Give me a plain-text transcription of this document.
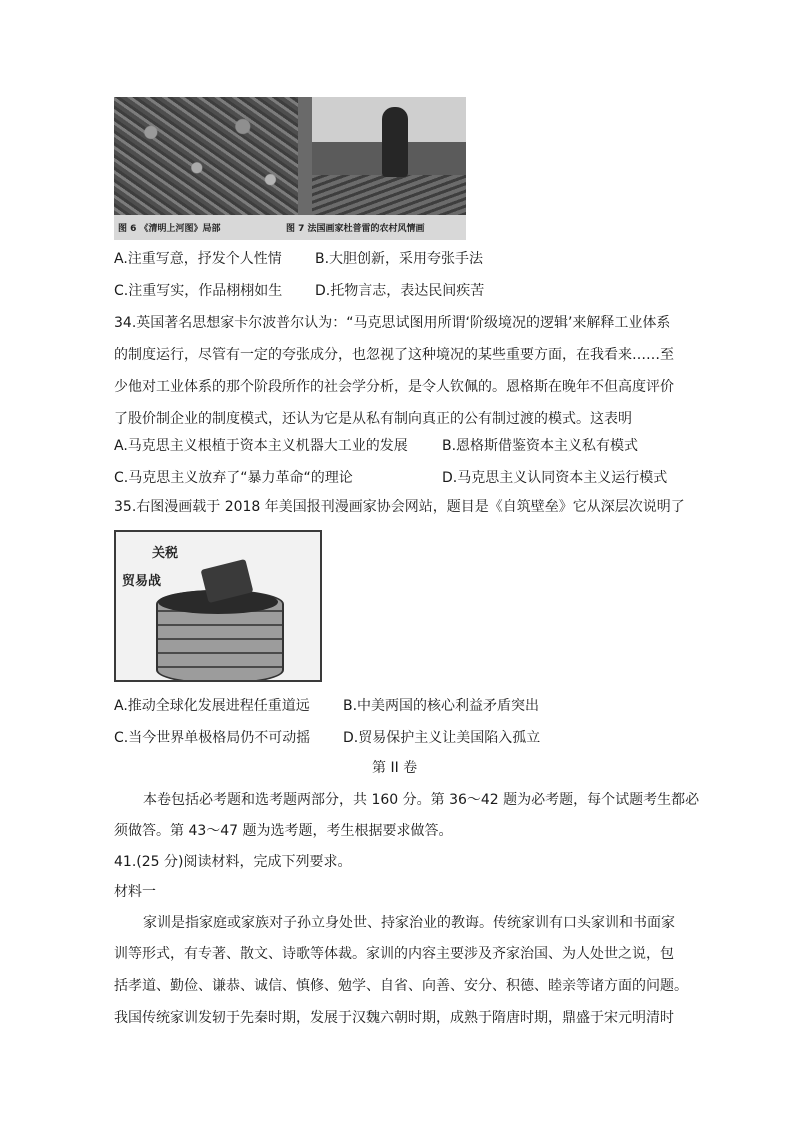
图 6 《清明上河图》局部	图 7 法国画家杜普雷的农村风情画
A.注重写意，抒发个人性情 B.大胆创新，采用夸张手法
C.注重写实，作品栩栩如生 D.托物言志，表达民间疾苦
34.英国著名思想家卡尔波普尔认为：“马克思试图用所谓‘阶级境况的逻辑’来解释工业体系
的制度运行，尽管有一定的夸张成分，也忽视了这种境况的某些重要方面，在我看来……至
少他对工业体系的那个阶段所作的社会学分析，是令人钦佩的。恩格斯在晚年不但高度评价
了股价制企业的制度模式，还认为它是从私有制向真正的公有制过渡的模式。这表明
A.马克思主义根植于资本主义机器大工业的发展 B.恩格斯借鉴资本主义私有模式
C.马克思主义放弃了“暴力革命“的理论	D.马克思主义认同资本主义运行模式
35.右图漫画载于 2018 年美国报刊漫画家协会网站，题目是《自筑壁垒》它从深层次说明了
关税
贸易战
A.推动全球化发展进程任重道远 B.中美两国的核心利益矛盾突出
C.当今世界单极格局仍不可动摇 D.贸易保护主义让美国陷入孤立
第 II 卷
本卷包括必考题和选考题两部分，共 160 分。第 36～42 题为必考题，每个试题考生都必
须做答。第 43～47 题为选考题，考生根据要求做答。
41.(25 分)阅读材料，完成下列要求。
材料一
家训是指家庭或家族对子孙立身处世、持家治业的教诲。传统家训有口头家训和书面家
训等形式，有专著、散文、诗歌等体裁。家训的内容主要涉及齐家治国、为人处世之说，包
括孝道、勤俭、谦恭、诚信、慎修、勉学、自省、向善、安分、积德、睦亲等诸方面的问题。
我国传统家训发轫于先秦时期，发展于汉魏六朝时期，成熟于隋唐时期，鼎盛于宋元明清时
